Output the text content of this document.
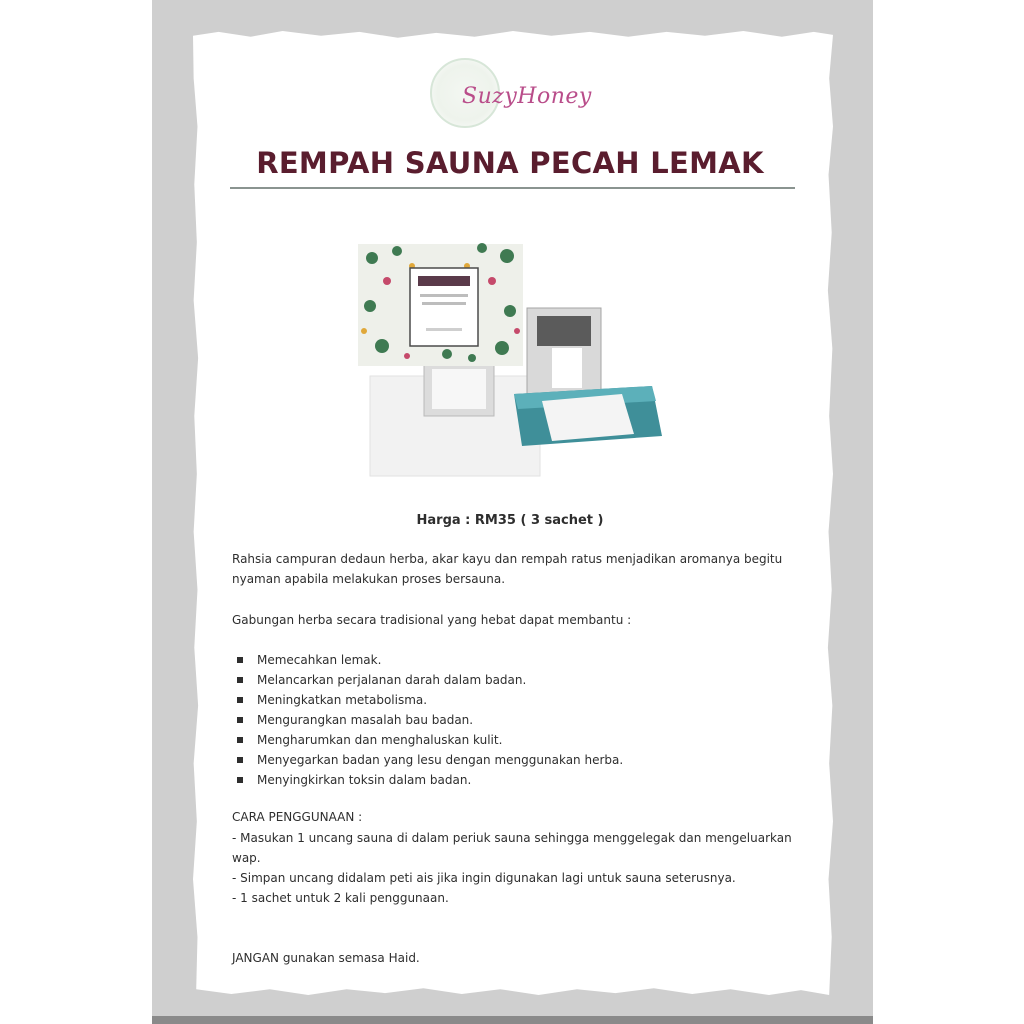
SuzyHoney
REMPAH SAUNA PECAH LEMAK
Harga : RM35 ( 3 sachet )
Rahsia campuran dedaun herba, akar kayu dan rempah ratus menjadikan aromanya begitu nyaman apabila melakukan proses bersauna.
Gabungan herba secara tradisional yang hebat dapat membantu :
Memecahkan lemak.
Melancarkan perjalanan darah dalam badan.
Meningkatkan metabolisma.
Mengurangkan masalah bau badan.
Mengharumkan dan menghaluskan kulit.
Menyegarkan badan yang lesu dengan menggunakan herba.
Menyingkirkan toksin dalam badan.
CARA PENGGUNAAN :
- Masukan 1 uncang sauna di dalam periuk sauna sehingga menggelegak dan mengeluarkan wap.
- Simpan uncang didalam peti ais jika ingin digunakan lagi untuk sauna seterusnya.
- 1 sachet untuk 2 kali penggunaan.
JANGAN gunakan semasa Haid.
